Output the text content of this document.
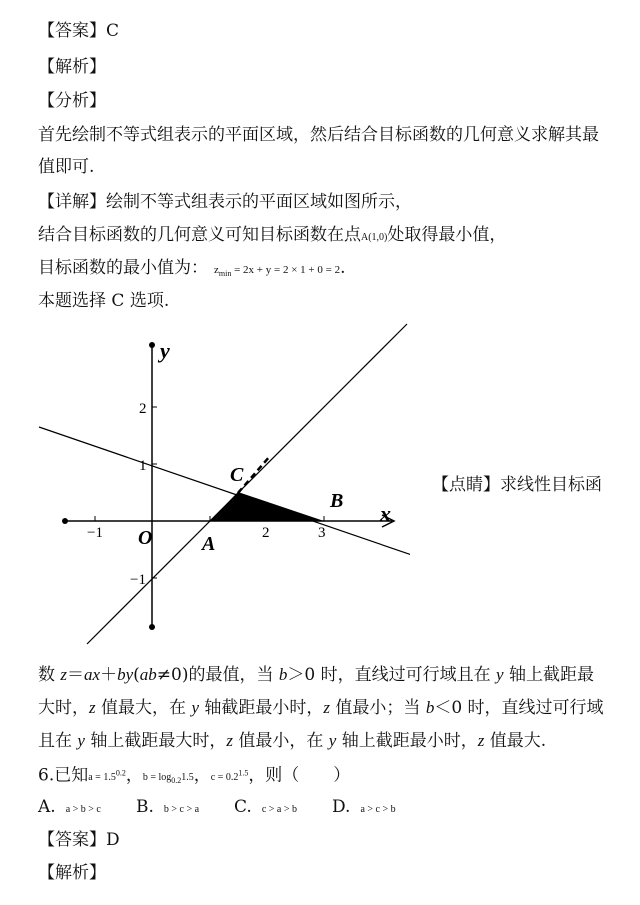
【答案】C
【解析】
【分析】
首先绘制不等式组表示的平面区域，然后结合目标函数的几何意义求解其最
值即可.
【详解】绘制不等式组表示的平面区域如图所示，
结合目标函数的几何意义可知目标函数在点A(1,0)处取得最小值，
目标函数的最小值为： $z_{min} = 2x + y = 2 \times 1 + 0 = 2$.
本题选择 C 选项.
y
x
2
1
−1
−1 O	2	3
A
B
C	【点睛】求线性目标函
数 z＝ax＋by(ab≠0)的最值，当 b＞0 时，直线过可行域且在 y 轴上截距最
大时，z 值最大，在 y 轴截距最小时，z 值最小；当 b＜0 时，直线过可行域
且在 y 轴上截距最大时，z 值最小，在 y 轴上截距最小时，z 值最大.
6.已知$a = 1.5^{0.2}$，$b = \log_{0.2}1.5$，$c = 0.2^{1.5}$，则（　　）
A. a > b > c B. b > c > a C. c > a > b D. a > c > b
【答案】D
【解析】
